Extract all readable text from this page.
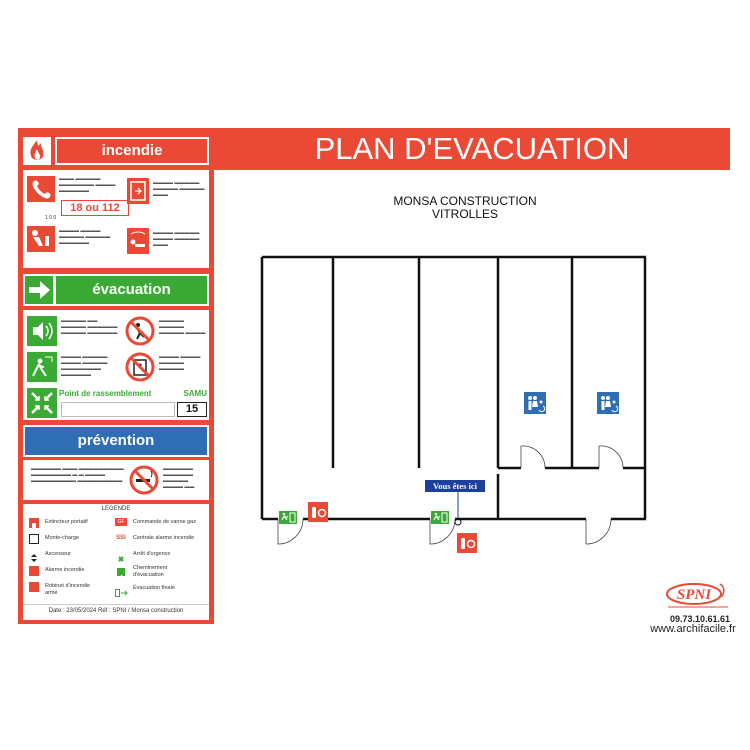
PLAN D'EVACUATION
incendie
▬▬▬ ▬▬▬▬▬ ▬▬▬▬▬▬▬ ▬▬▬▬ ▬▬▬▬▬▬
18 ou 112
1 0 0
▬▬▬▬ ▬▬▬▬▬ ▬▬▬▬▬ ▬▬▬▬▬ ▬▬▬
▬▬▬▬ ▬▬▬▬ ▬▬▬▬▬ ▬▬▬▬▬ ▬▬▬▬▬▬
▬▬▬▬ ▬▬▬▬▬ ▬▬▬▬ ▬▬▬▬▬ ▬▬▬
évacuation
▬▬▬▬▬ ▬▬ ▬▬▬▬▬ ▬▬▬▬▬▬ ▬▬▬▬▬ ▬▬▬▬▬▬
▬▬▬▬▬ ▬▬▬▬▬ ▬▬▬▬▬ ▬▬▬▬
▬▬▬▬ ▬▬▬▬▬ ▬▬▬▬ ▬▬▬▬▬ ▬▬▬▬▬▬▬▬ ▬▬▬▬▬▬
▬▬▬▬ ▬▬▬▬ ▬▬▬▬▬ ▬▬▬▬▬
Point de rassemblement	SAMU
15
prévention
▬▬▬▬▬▬ ▬▬▬ ▬▬▬▬▬▬▬▬▬ ▬▬▬▬▬▬▬▬ ▬ ▬ ▬▬▬▬ ▬▬▬▬▬▬▬▬▬ ▬▬▬▬▬▬▬▬▬
▬▬▬▬▬▬ ▬▬▬▬▬▬ ▬▬▬▬▬ ▬▬▬▬ ▬▬
LEGENDE
Extincteur portatif
Monte-charge
Ascenseur
Alarme incendie
Robinet d'incendie armé
GF	Commande de vanne gaz
SSI Centrale alarme incendie
Arrêt d'urgence
Cheminement d'évacuation
Évacuation finale
Date : 23/05/2024 Réf : SPNI / Monsa construction
MONSA CONSTRUCTION
VITROLLES
Vous êtes ici
SPNI
09.73.10.61.61
www.archifacile.fr
